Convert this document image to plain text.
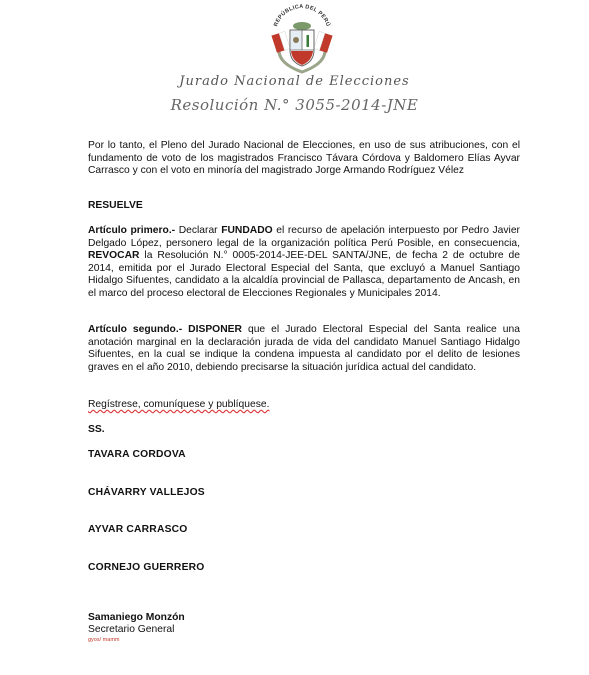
REPÚBLICA DEL PERÚ
Jurado Nacional de Elecciones
Resolución N.° 3055-2014-JNE
Por lo tanto, el Pleno del Jurado Nacional de Elecciones, en uso de sus atribuciones, con el fundamento de voto de los magistrados Francisco Távara Córdova y Baldomero Elías Ayvar Carrasco y con el voto en minoría del magistrado Jorge Armando Rodríguez Vélez
RESUELVE
Artículo primero.- Declarar FUNDADO el recurso de apelación interpuesto por Pedro Javier Delgado López, personero legal de la organización política Perú Posible, en consecuencia, REVOCAR la Resolución N.° 0005-2014-JEE-DEL SANTA/JNE, de fecha 2 de octubre de 2014, emitida por el Jurado Electoral Especial del Santa, que excluyó a Manuel Santiago Hidalgo Sifuentes, candidato a la alcaldía provincial de Pallasca, departamento de Ancash, en el marco del proceso electoral de Elecciones Regionales y Municipales 2014.
Artículo segundo.- DISPONER que el Jurado Electoral Especial del Santa realice una anotación marginal en la declaración jurada de vida del candidato Manuel Santiago Hidalgo Sifuentes, en la cual se indique la condena impuesta al candidato por el delito de lesiones graves en el año 2010, debiendo precisarse la situación jurídica actual del candidato.
Regístrese, comuníquese y publíquese.
SS.
TAVARA CORDOVA
CHÁVARRY VALLEJOS
AYVAR CARRASCO
CORNEJO GUERRERO
Samaniego Monzón
Secretario General
gyos/ mamm
